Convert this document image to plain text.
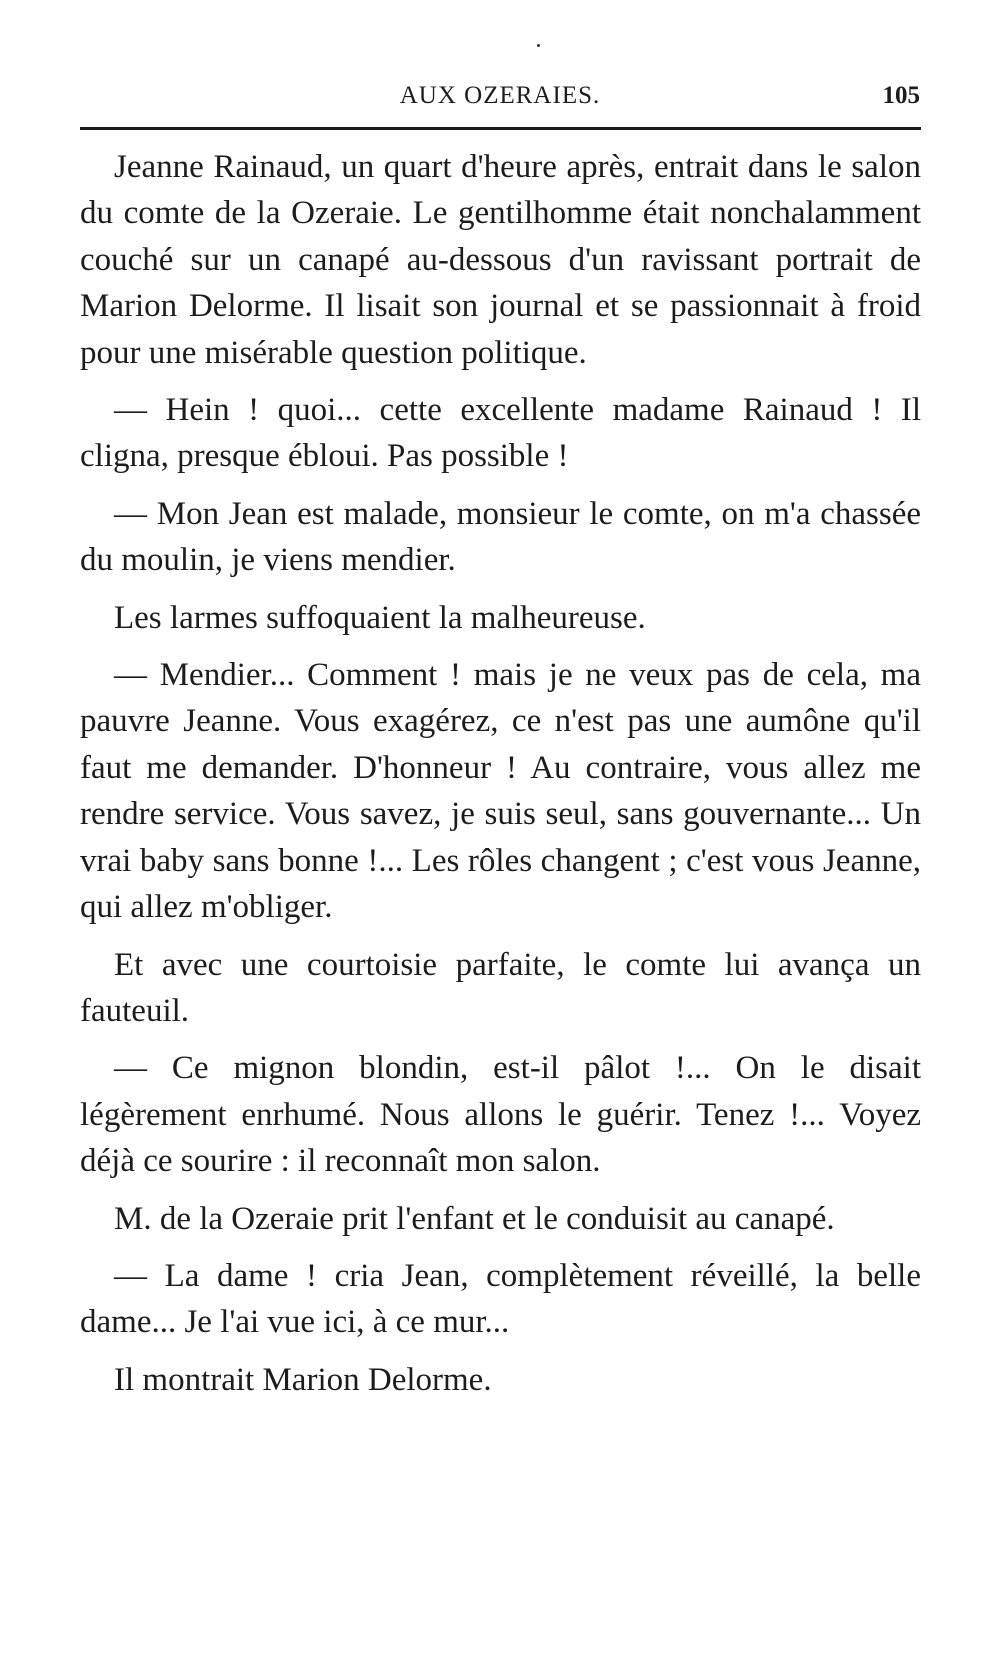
AUX OZERAIES.	105

Jeanne Rainaud, un quart d'heure après, entrait dans le salon du comte de la Ozeraie. Le gentilhomme était nonchalamment couché sur un canapé au-dessous d'un ravissant portrait de Marion Delorme. Il lisait son journal et se passionnait à froid pour une misérable question politique.

— Hein ! quoi... cette excellente madame Rainaud ! Il cligna, presque ébloui. Pas possible !

— Mon Jean est malade, monsieur le comte, on m'a chassée du moulin, je viens mendier.

Les larmes suffoquaient la malheureuse.

— Mendier... Comment ! mais je ne veux pas de cela, ma pauvre Jeanne. Vous exagérez, ce n'est pas une aumône qu'il faut me demander. D'honneur ! Au contraire, vous allez me rendre service. Vous savez, je suis seul, sans gouvernante... Un vrai baby sans bonne !... Les rôles changent ; c'est vous Jeanne, qui allez m'obliger.

Et avec une courtoisie parfaite, le comte lui avança un fauteuil.

— Ce mignon blondin, est-il pâlot !... On le disait légèrement enrhumé. Nous allons le guérir. Tenez !... Voyez déjà ce sourire : il reconnaît mon salon.

M. de la Ozeraie prit l'enfant et le conduisit au canapé.

— La dame ! cria Jean, complètement réveillé, la belle dame... Je l'ai vue ici, à ce mur...

Il montrait Marion Delorme.
